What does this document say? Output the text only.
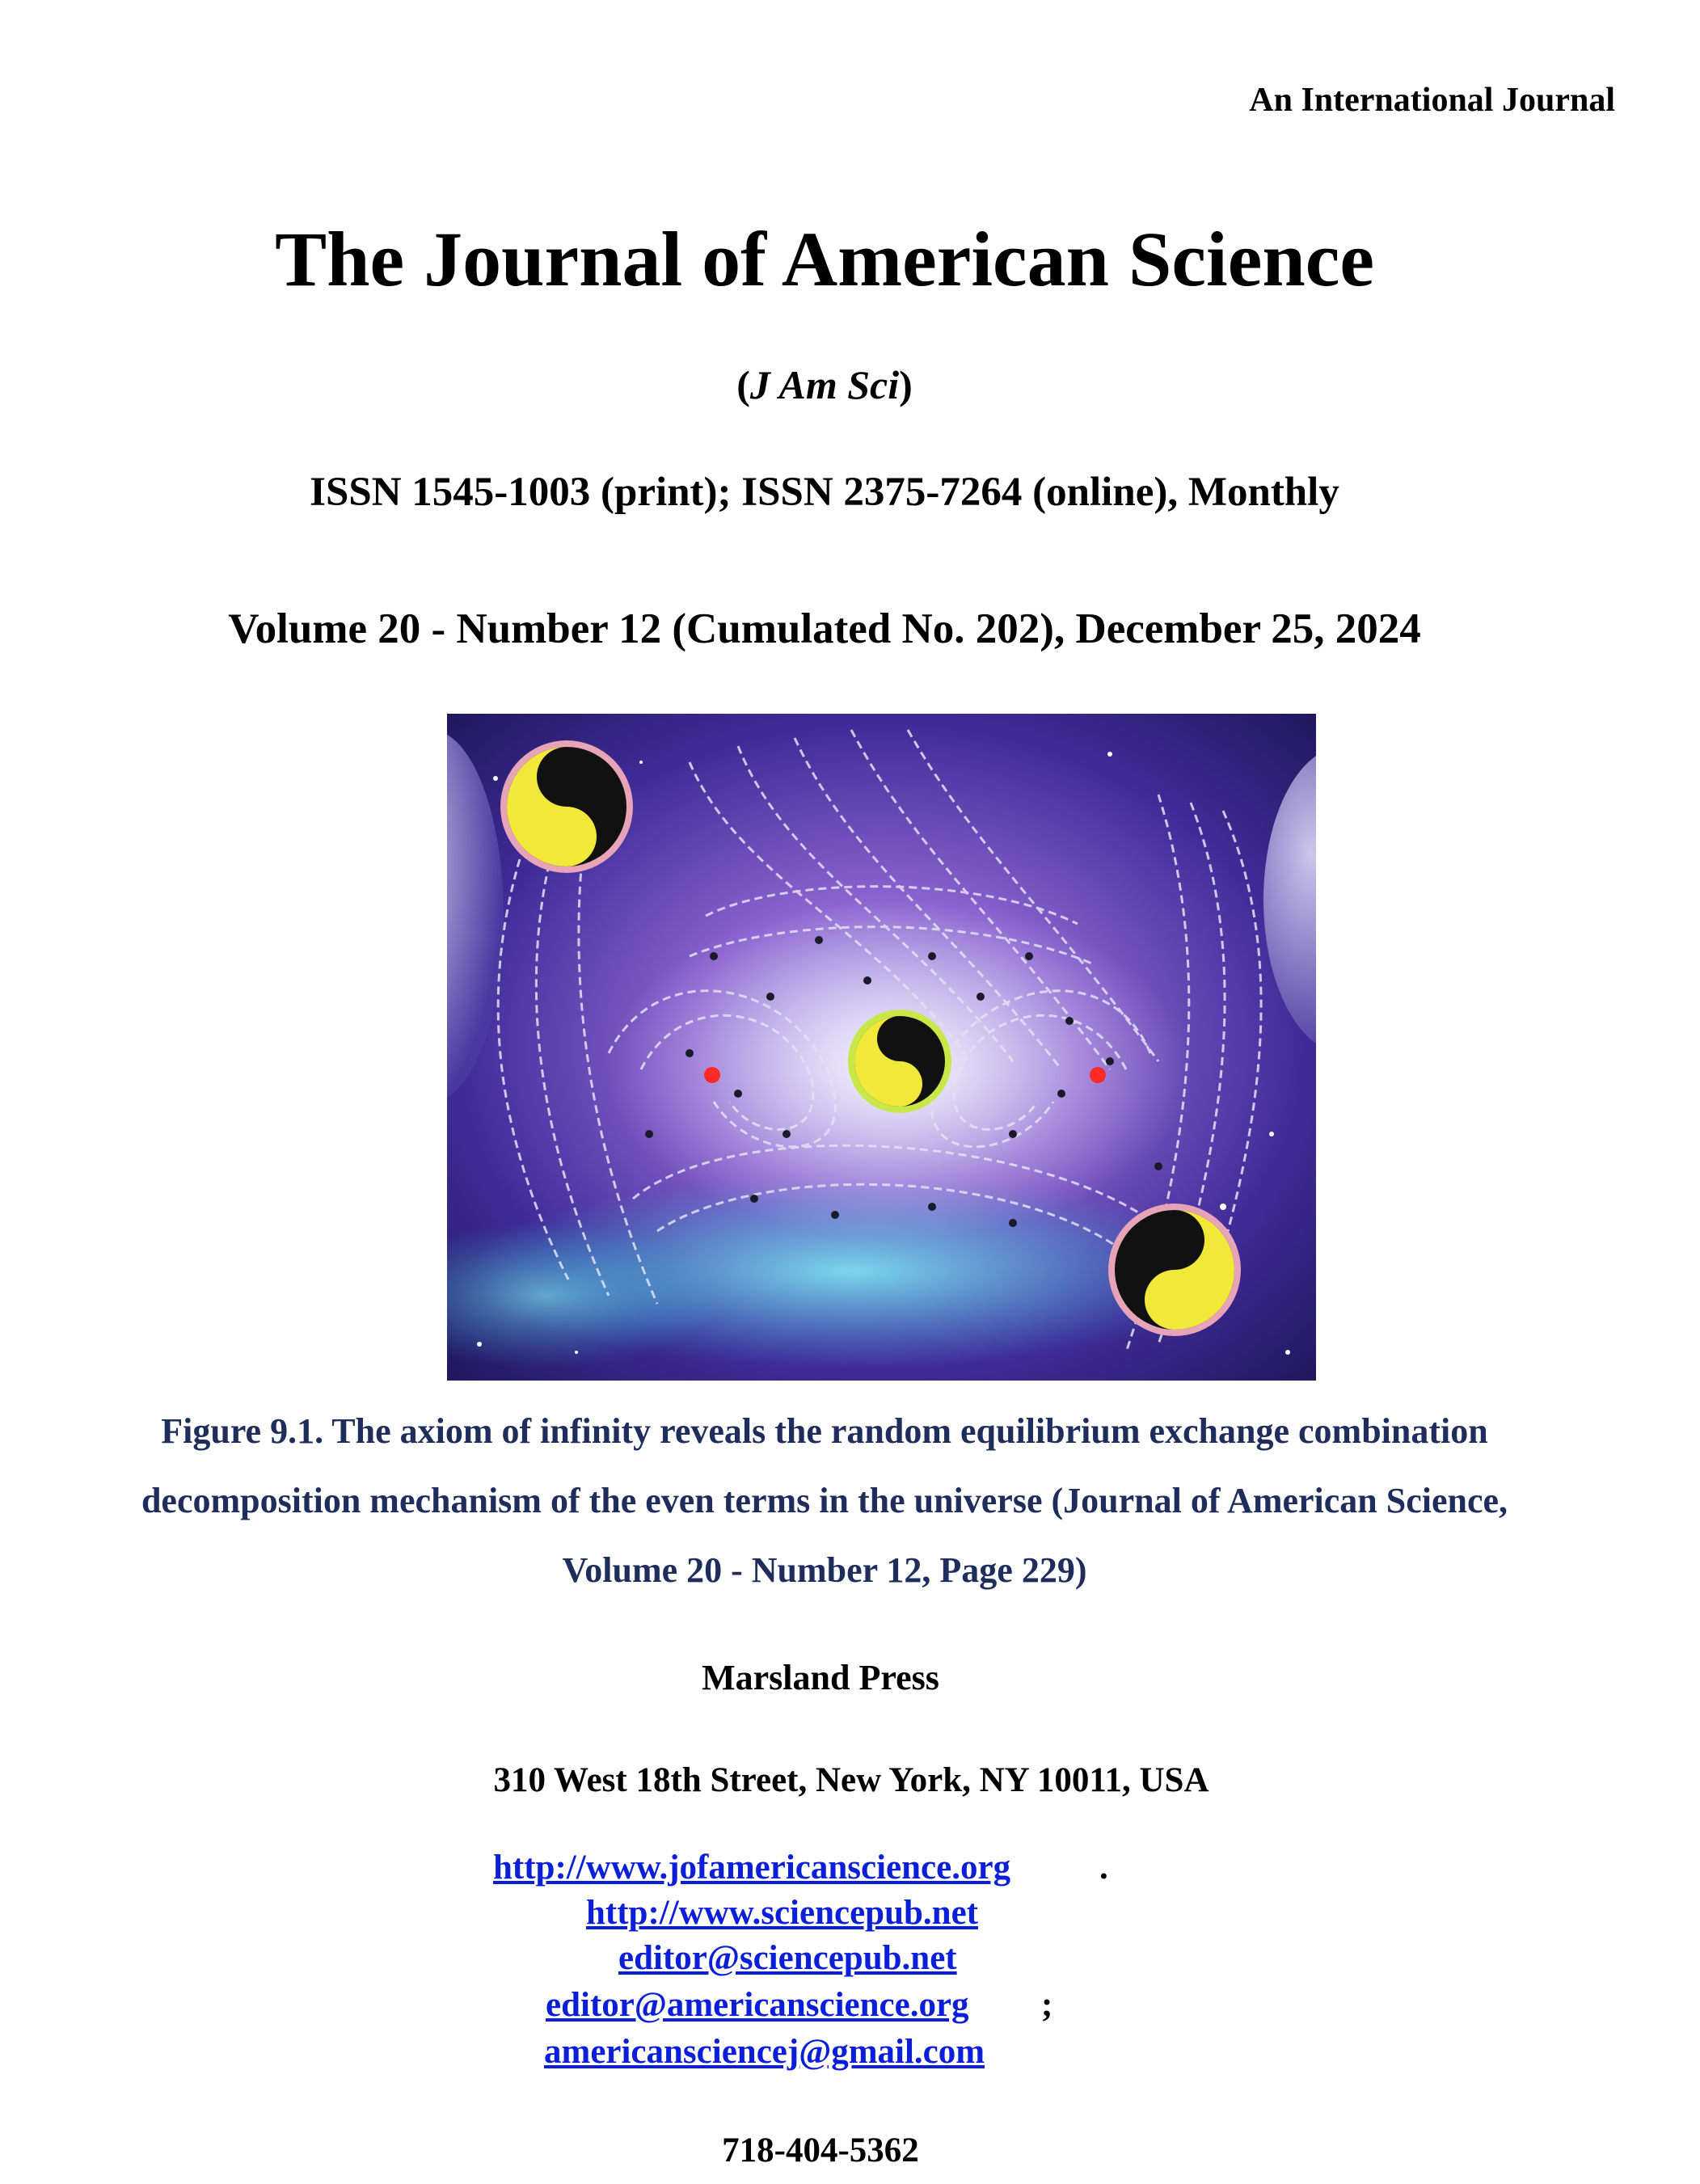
An International Journal
The Journal of American Science
(J Am Sci)
ISSN 1545-1003 (print); ISSN 2375-7264 (online), Monthly
Volume 20 - Number 12 (Cumulated No. 202), December 25, 2024
Figure 9.1. The axiom of infinity reveals the random equilibrium exchange combination
decomposition mechanism of the even terms in the universe (Journal of American Science,
Volume 20 - Number 12, Page 229)
Marsland Press
310 West 18th Street, New York, NY 10011, USA
http://www.jofamericanscience.org	.
http://www.sciencepub.net
editor@sciencepub.net
editor@americanscience.org ;
americansciencej@gmail.com
718-404-5362
